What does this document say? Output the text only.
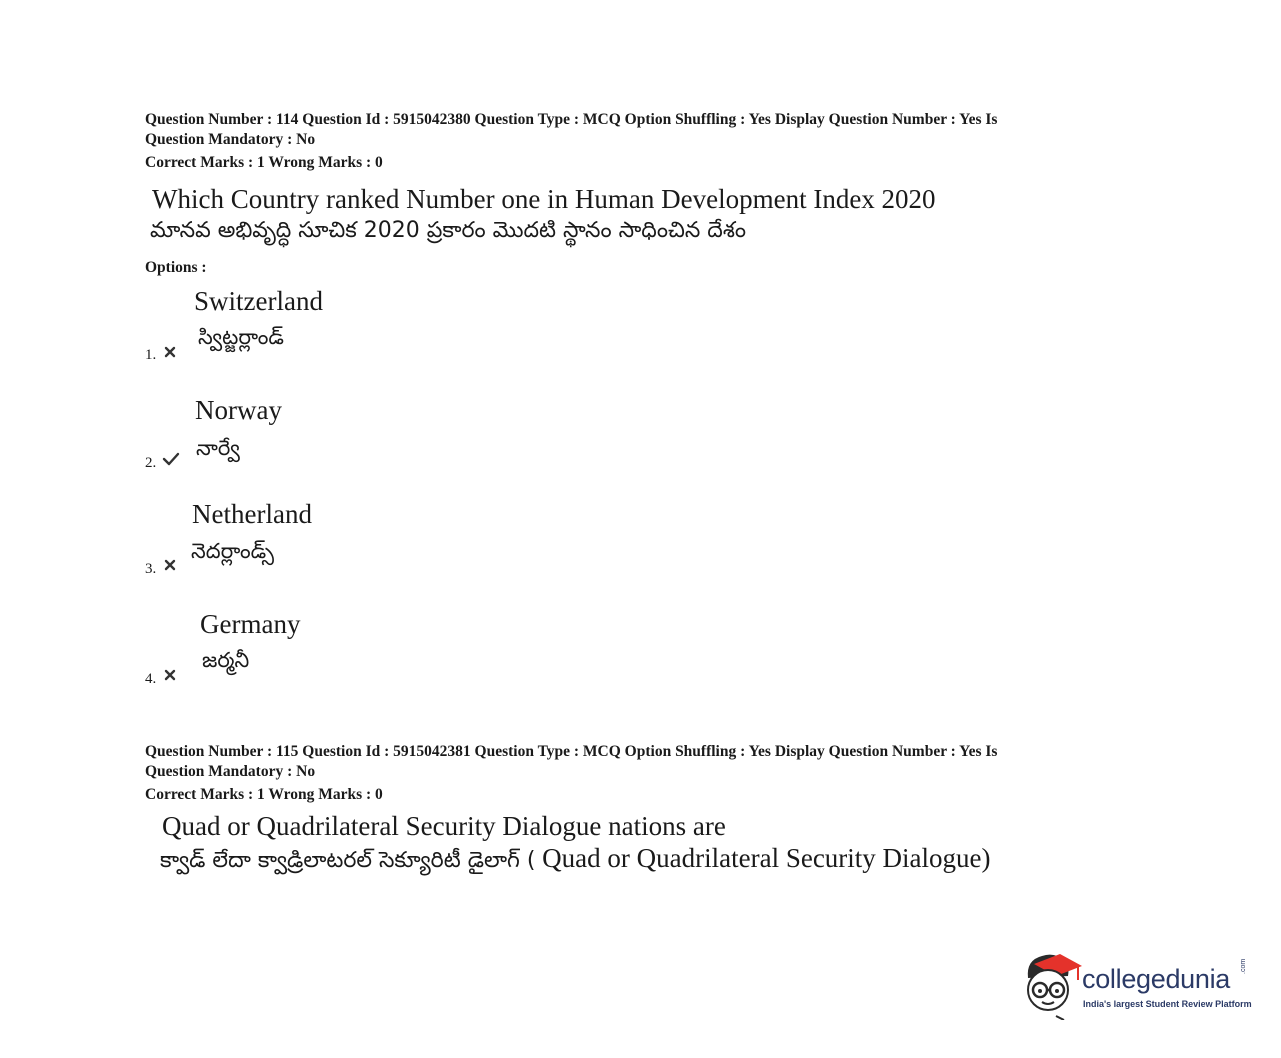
Question Number : 114 Question Id : 5915042380 Question Type : MCQ Option Shuffling : Yes Display Question Number : Yes Is
Question Mandatory : No
Correct Marks : 1 Wrong Marks : 0
Which Country ranked Number one in Human Development Index 2020
మానవ అభివృద్ధి సూచిక 2020 ప్రకారం మొదటి స్థానం సాధించిన దేశం
Options :
Switzerland
స్విట్జర్లాండ్
1.
Norway
నార్వే
2.
Netherland
నెదర్లాండ్స్
3.
Germany
జర్మనీ
4.
Question Number : 115 Question Id : 5915042381 Question Type : MCQ Option Shuffling : Yes Display Question Number : Yes Is
Question Mandatory : No
Correct Marks : 1 Wrong Marks : 0
Quad or Quadrilateral Security Dialogue nations are
క్వాడ్ లేదా క్వాడ్రిలాటరల్ సెక్యూరిటీ డైలాగ్ ( Quad or Quadrilateral Security Dialogue)
collegedunia .com
India's largest Student Review Platform
